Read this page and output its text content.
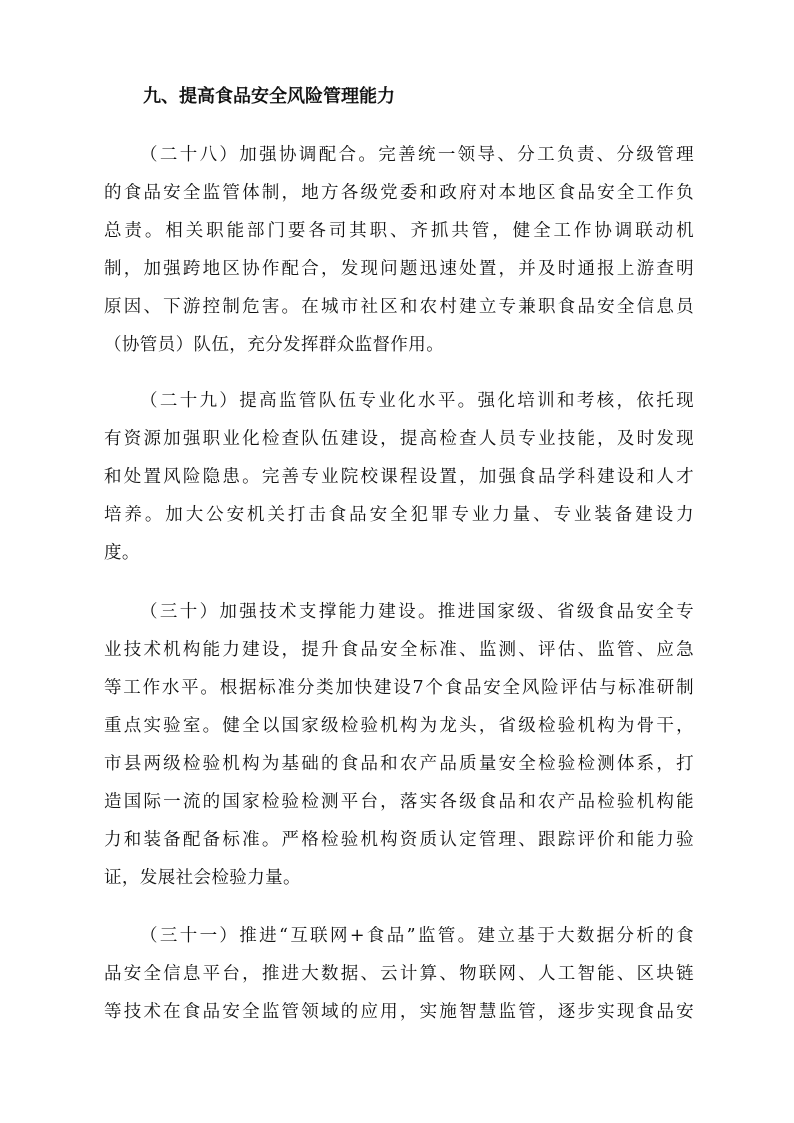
九、提高食品安全风险管理能力
（二十八）加强协调配合。完善统一领导、分工负责、分级管理
的食品安全监管体制，地方各级党委和政府对本地区食品安全工作负
总责。相关职能部门要各司其职、齐抓共管，健全工作协调联动机
制，加强跨地区协作配合，发现问题迅速处置，并及时通报上游查明
原因、下游控制危害。在城市社区和农村建立专兼职食品安全信息员
（协管员）队伍，充分发挥群众监督作用。
（二十九）提高监管队伍专业化水平。强化培训和考核，依托现
有资源加强职业化检查队伍建设，提高检查人员专业技能，及时发现
和处置风险隐患。完善专业院校课程设置，加强食品学科建设和人才
培养。加大公安机关打击食品安全犯罪专业力量、专业装备建设力
度。
（三十）加强技术支撑能力建设。推进国家级、省级食品安全专
业技术机构能力建设，提升食品安全标准、监测、评估、监管、应急
等工作水平。根据标准分类加快建设7个食品安全风险评估与标准研制
重点实验室。健全以国家级检验机构为龙头，省级检验机构为骨干，
市县两级检验机构为基础的食品和农产品质量安全检验检测体系，打
造国际一流的国家检验检测平台，落实各级食品和农产品检验机构能
力和装备配备标准。严格检验机构资质认定管理、跟踪评价和能力验
证，发展社会检验力量。
（三十一）推进“互联网+食品”监管。建立基于大数据分析的食
品安全信息平台，推进大数据、云计算、物联网、人工智能、区块链
等技术在食品安全监管领域的应用，实施智慧监管，逐步实现食品安
